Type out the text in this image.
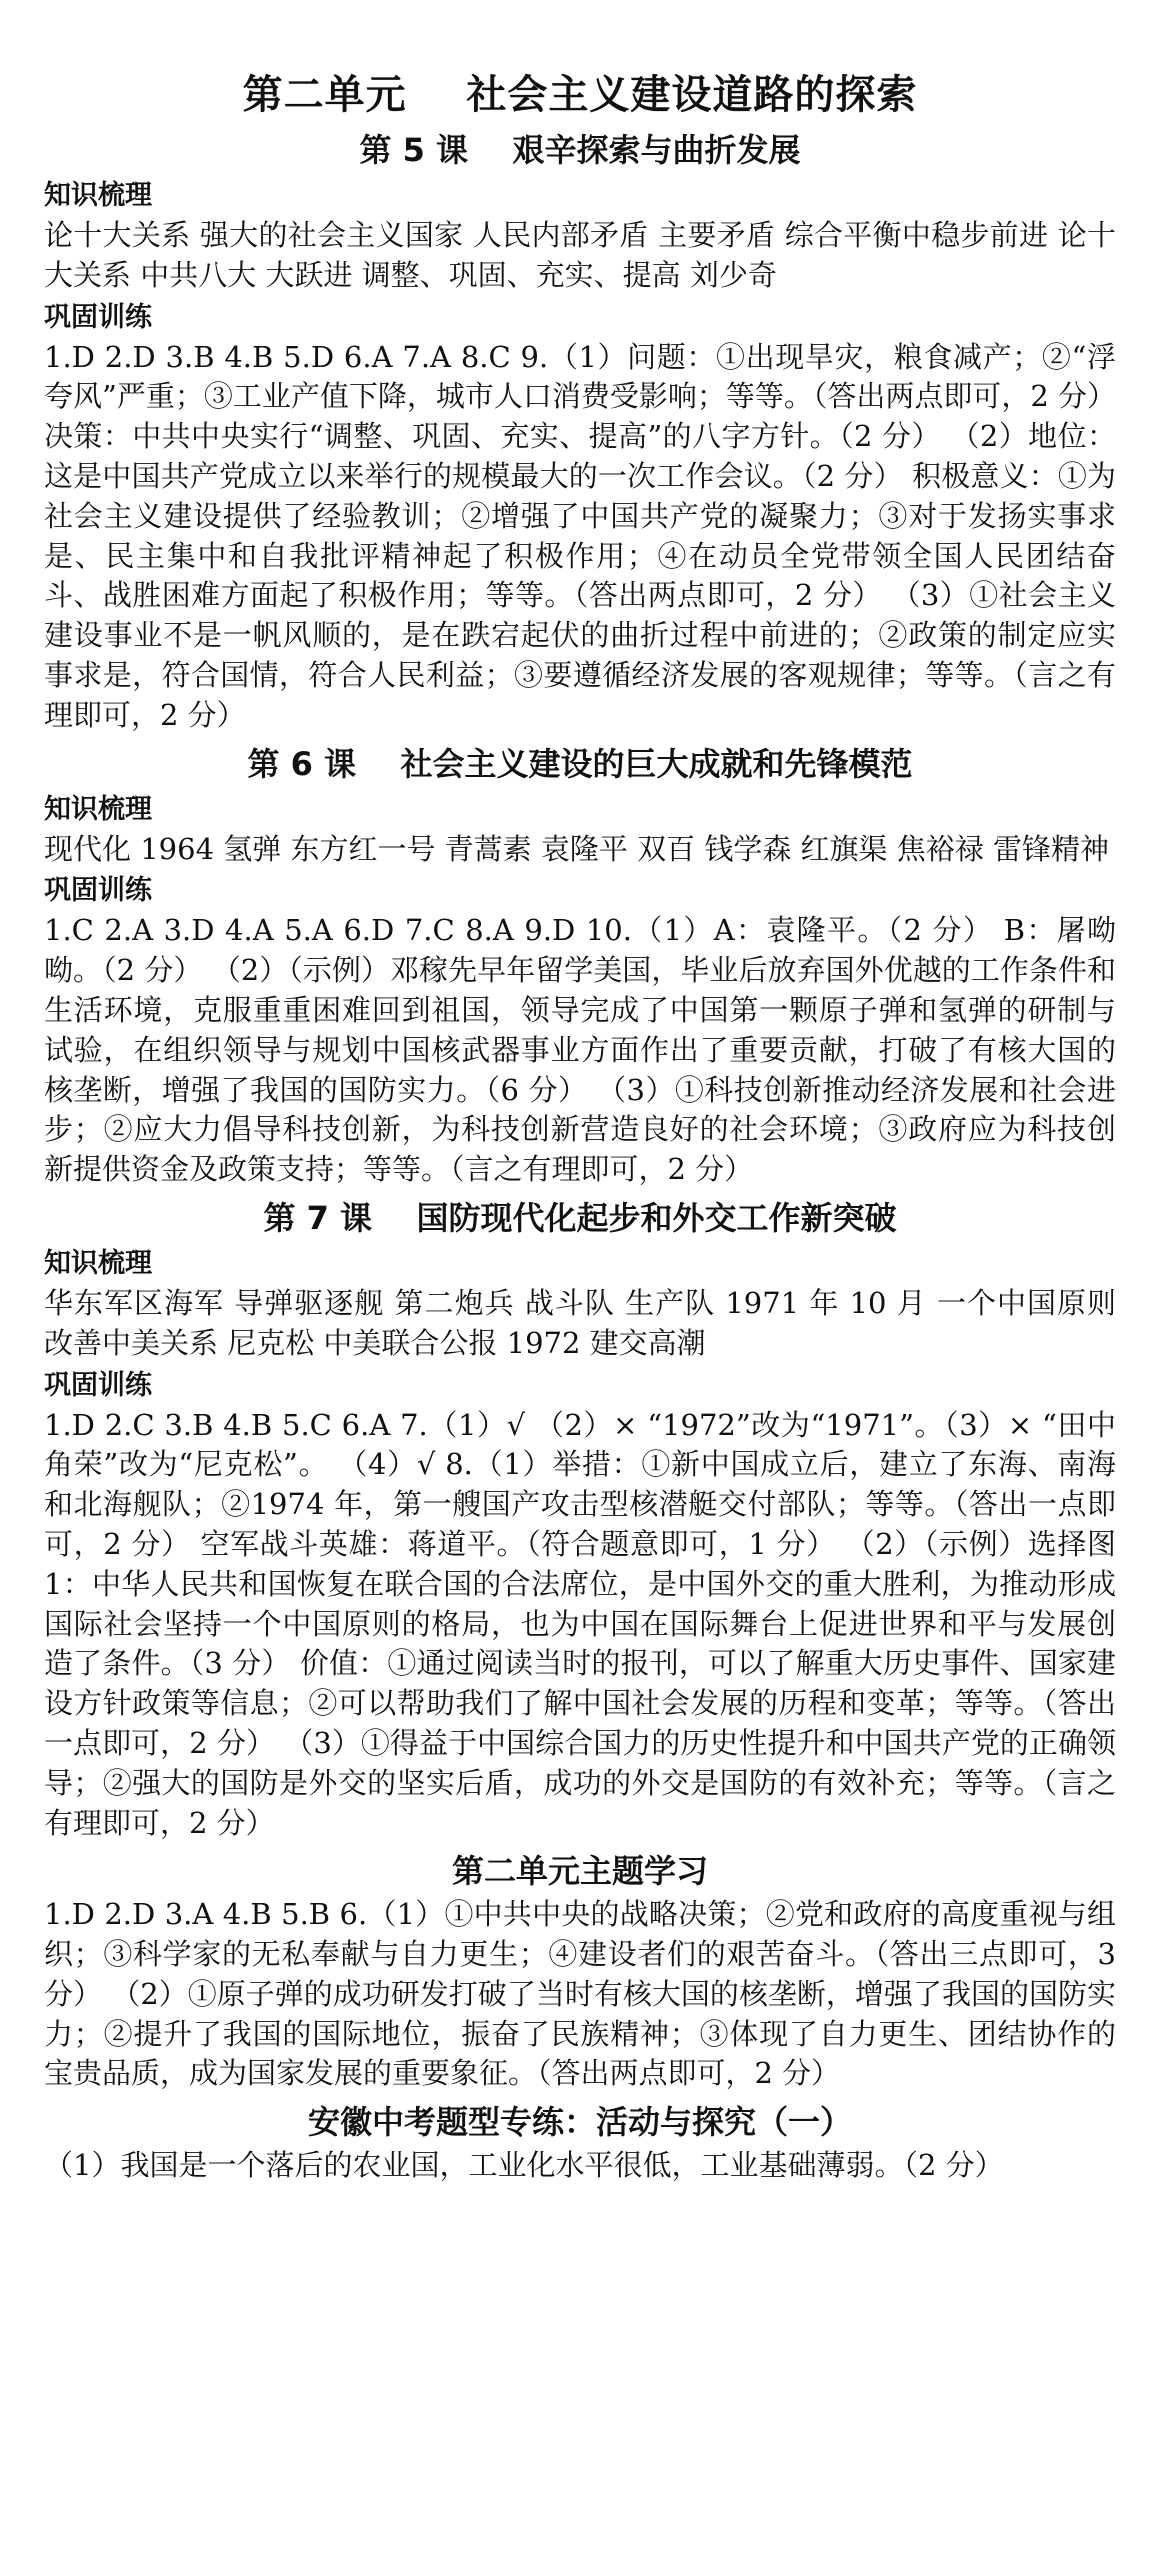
第二单元    社会主义建设道路的探索
第 5 课    艰辛探索与曲折发展
知识梳理

论十大关系 强大的社会主义国家 人民内部矛盾 主要矛盾 综合平衡中稳步前进 论十大关系 中共八大 大跃进 调整、巩固、充实、提高 刘少奇

巩固训练

1.D 2.D 3.B 4.B 5.D 6.A 7.A 8.C 9.（1）问题：①出现旱灾，粮食减产；②“浮夸风”严重；③工业产值下降，城市人口消费受影响；等等。（答出两点即可，2 分） 决策：中共中央实行“调整、巩固、充实、提高”的八字方针。（2 分） （2）地位：这是中国共产党成立以来举行的规模最大的一次工作会议。（2 分） 积极意义：①为社会主义建设提供了经验教训；②增强了中国共产党的凝聚力；③对于发扬实事求是、民主集中和自我批评精神起了积极作用；④在动员全党带领全国人民团结奋斗、战胜困难方面起了积极作用；等等。（答出两点即可，2 分） （3）①社会主义建设事业不是一帆风顺的，是在跌宕起伏的曲折过程中前进的；②政策的制定应实事求是，符合国情，符合人民利益；③要遵循经济发展的客观规律；等等。（言之有理即可，2 分）

第 6 课    社会主义建设的巨大成就和先锋模范
知识梳理

现代化 1964 氢弹 东方红一号 青蒿素 袁隆平 双百 钱学森 红旗渠 焦裕禄 雷锋精神

巩固训练

1.C 2.A 3.D 4.A 5.A 6.D 7.C 8.A 9.D 10.（1）A：袁隆平。（2 分） B：屠呦呦。（2 分） （2）（示例）邓稼先早年留学美国，毕业后放弃国外优越的工作条件和生活环境，克服重重困难回到祖国，领导完成了中国第一颗原子弹和氢弹的研制与试验，在组织领导与规划中国核武器事业方面作出了重要贡献，打破了有核大国的核垄断，增强了我国的国防实力。（6 分） （3）①科技创新推动经济发展和社会进步；②应大力倡导科技创新，为科技创新营造良好的社会环境；③政府应为科技创新提供资金及政策支持；等等。（言之有理即可，2 分）

第 7 课    国防现代化起步和外交工作新突破
知识梳理

华东军区海军 导弹驱逐舰 第二炮兵 战斗队 生产队 1971 年 10 月 一个中国原则 改善中美关系 尼克松 中美联合公报 1972 建交高潮

巩固训练

1.D 2.C 3.B 4.B 5.C 6.A 7.（1）√ （2）× “1972”改为“1971”。（3）× “田中角荣”改为“尼克松”。 （4）√ 8.（1）举措：①新中国成立后，建立了东海、南海和北海舰队；②1974 年，第一艘国产攻击型核潜艇交付部队；等等。（答出一点即可，2 分） 空军战斗英雄：蒋道平。（符合题意即可，1 分） （2）（示例）选择图 1：中华人民共和国恢复在联合国的合法席位，是中国外交的重大胜利，为推动形成国际社会坚持一个中国原则的格局，也为中国在国际舞台上促进世界和平与发展创造了条件。（3 分） 价值：①通过阅读当时的报刊，可以了解重大历史事件、国家建设方针政策等信息；②可以帮助我们了解中国社会发展的历程和变革；等等。（答出一点即可，2 分） （3）①得益于中国综合国力的历史性提升和中国共产党的正确领导；②强大的国防是外交的坚实后盾，成功的外交是国防的有效补充；等等。（言之有理即可，2 分）

第二单元主题学习

1.D 2.D 3.A 4.B 5.B 6.（1）①中共中央的战略决策；②党和政府的高度重视与组织；③科学家的无私奉献与自力更生；④建设者们的艰苦奋斗。（答出三点即可，3 分） （2）①原子弹的成功研发打破了当时有核大国的核垄断，增强了我国的国防实力；②提升了我国的国际地位，振奋了民族精神；③体现了自力更生、团结协作的宝贵品质，成为国家发展的重要象征。（答出两点即可，2 分）

安徽中考题型专练：活动与探究（一）

（1）我国是一个落后的农业国，工业化水平很低，工业基础薄弱。（2 分）
